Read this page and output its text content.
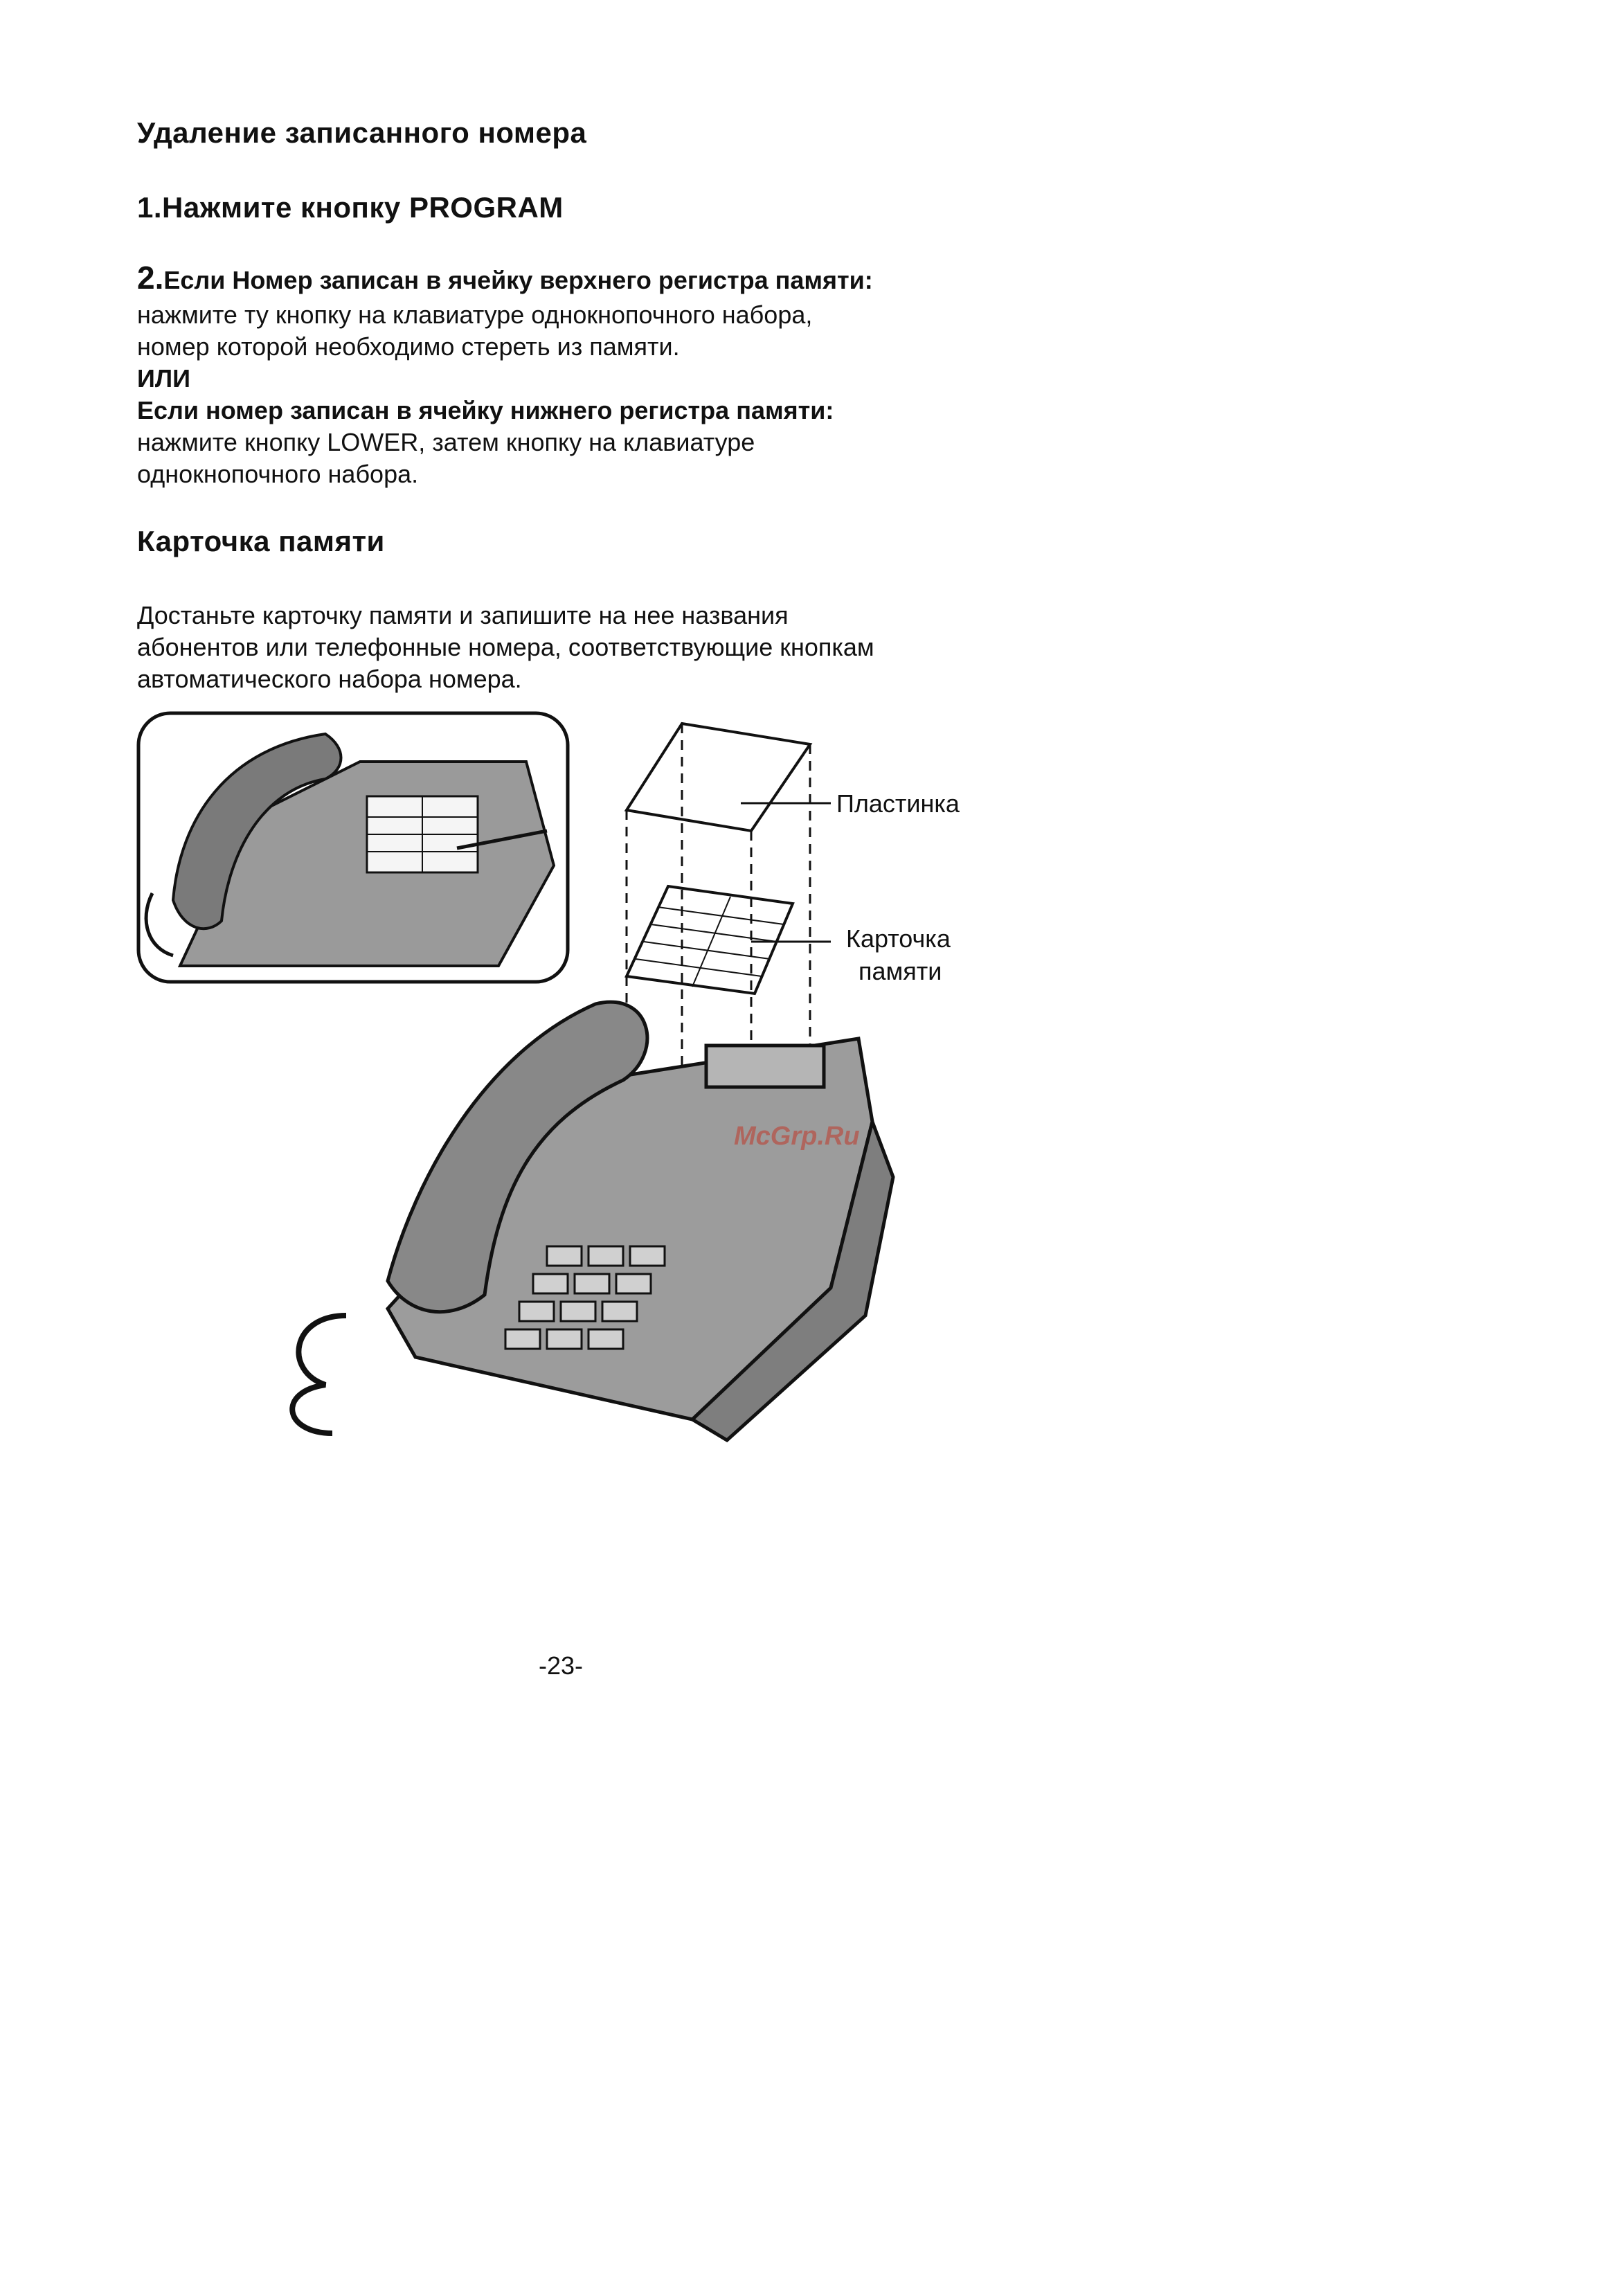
Удаление записанного номера
1.Нажмите кнопку PROGRAM
2.Если Номер записан в ячейку верхнего регистра памяти:
нажмите ту кнопку на клавиатуре однокнопочного набора,
номер которой необходимо стереть из памяти.
ИЛИ
Если номер записан в ячейку нижнего регистра памяти:
нажмите кнопку LOWER, затем кнопку на клавиатуре
однокнопочного набора.
Карточка памяти
Достаньте карточку памяти и запишите на нее названия
абонентов или телефонные номера, соответствующие кнопкам
автоматического набора номера.
Пластинка
Карточка
памяти
McGrp.Ru
-23-
